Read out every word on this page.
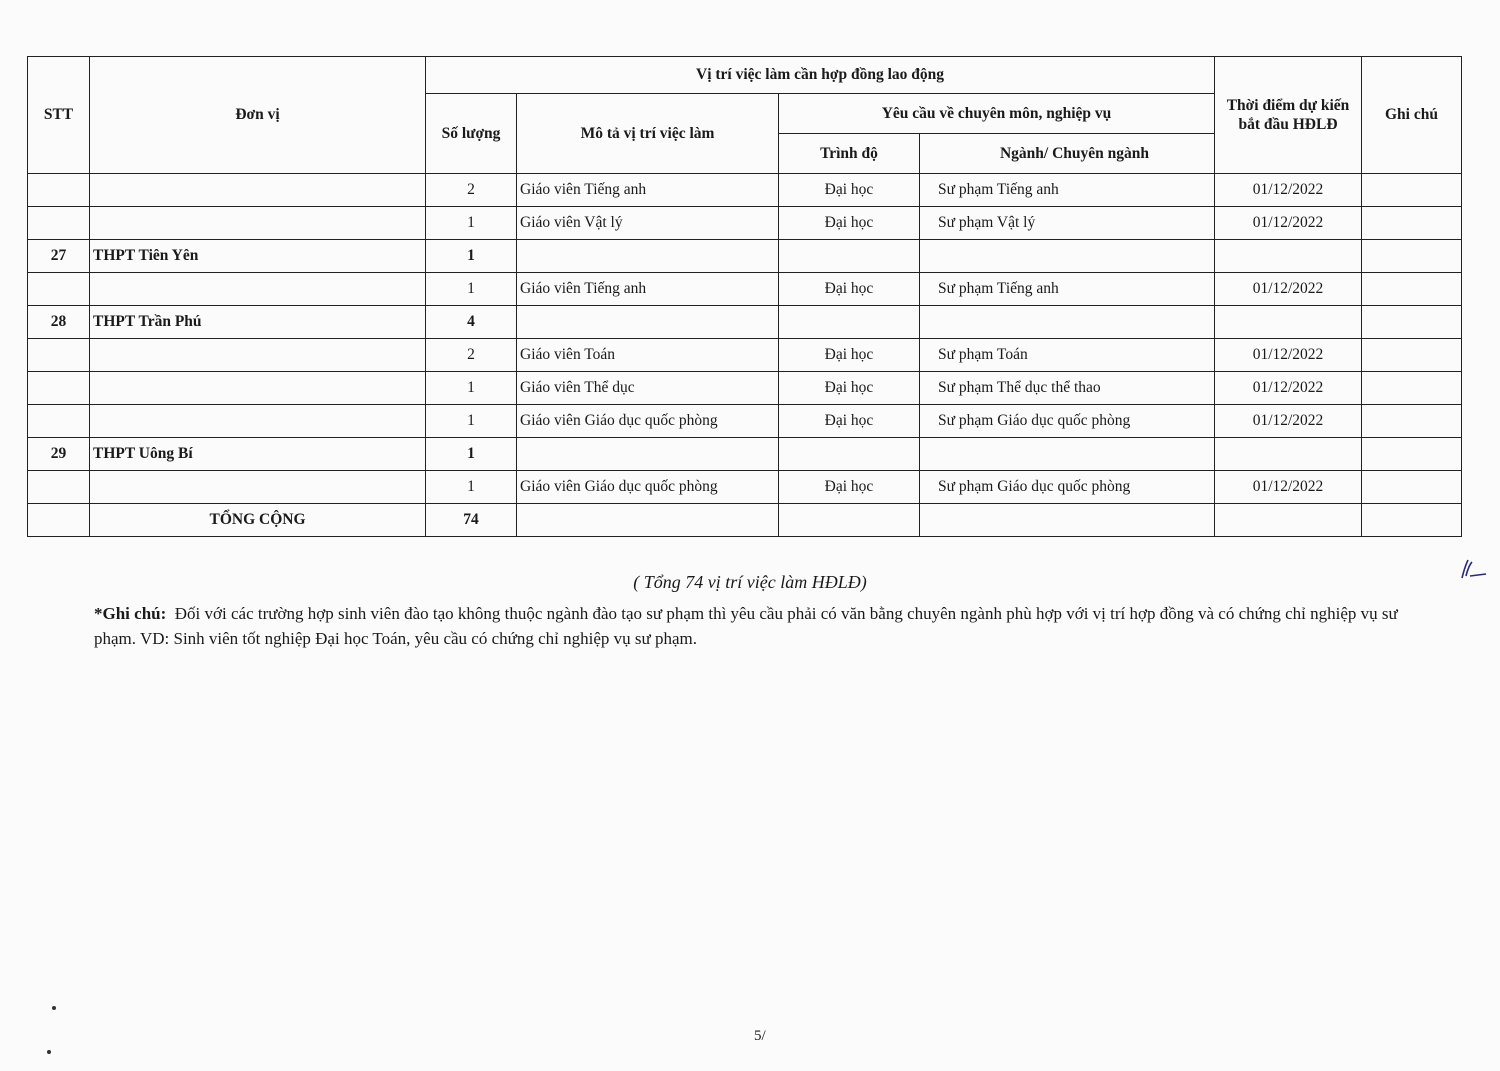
STT	Đơn vị	Vị trí việc làm cần hợp đồng lao động				Thời điểm dự kiến bắt đầu HĐLĐ	Ghi chú
		Số lượng	Mô tả vị trí việc làm	Yêu cầu về chuyên môn, nghiệp vụ			
				Trình độ	Ngành/ Chuyên ngành		
		2	Giáo viên Tiếng anh	Đại học	Sư phạm Tiếng anh	01/12/2022	
		1	Giáo viên Vật lý	Đại học	Sư phạm Vật lý	01/12/2022	
27	THPT Tiên Yên	1					
		1	Giáo viên Tiếng anh	Đại học	Sư phạm Tiếng anh	01/12/2022	
28	THPT Trần Phú	4					
		2	Giáo viên Toán	Đại học	Sư phạm Toán	01/12/2022	
		1	Giáo viên Thể dục	Đại học	Sư phạm Thể dục thể thao	01/12/2022	
		1	Giáo viên Giáo dục quốc phòng	Đại học	Sư phạm Giáo dục quốc phòng	01/12/2022	
29	THPT Uông Bí	1					
		1	Giáo viên Giáo dục quốc phòng	Đại học	Sư phạm Giáo dục quốc phòng	01/12/2022	
	TỔNG CỘNG	74					
( Tổng 74 vị trí việc làm HĐLĐ)
*Ghi chú: Đối với các trường hợp sinh viên đào tạo không thuộc ngành đào tạo sư phạm thì yêu cầu phải có văn bằng chuyên ngành phù hợp với vị trí hợp đồng và có chứng chỉ nghiệp vụ sư phạm. VD: Sinh viên tốt nghiệp Đại học Toán, yêu cầu có chứng chỉ nghiệp vụ sư phạm.
5/
